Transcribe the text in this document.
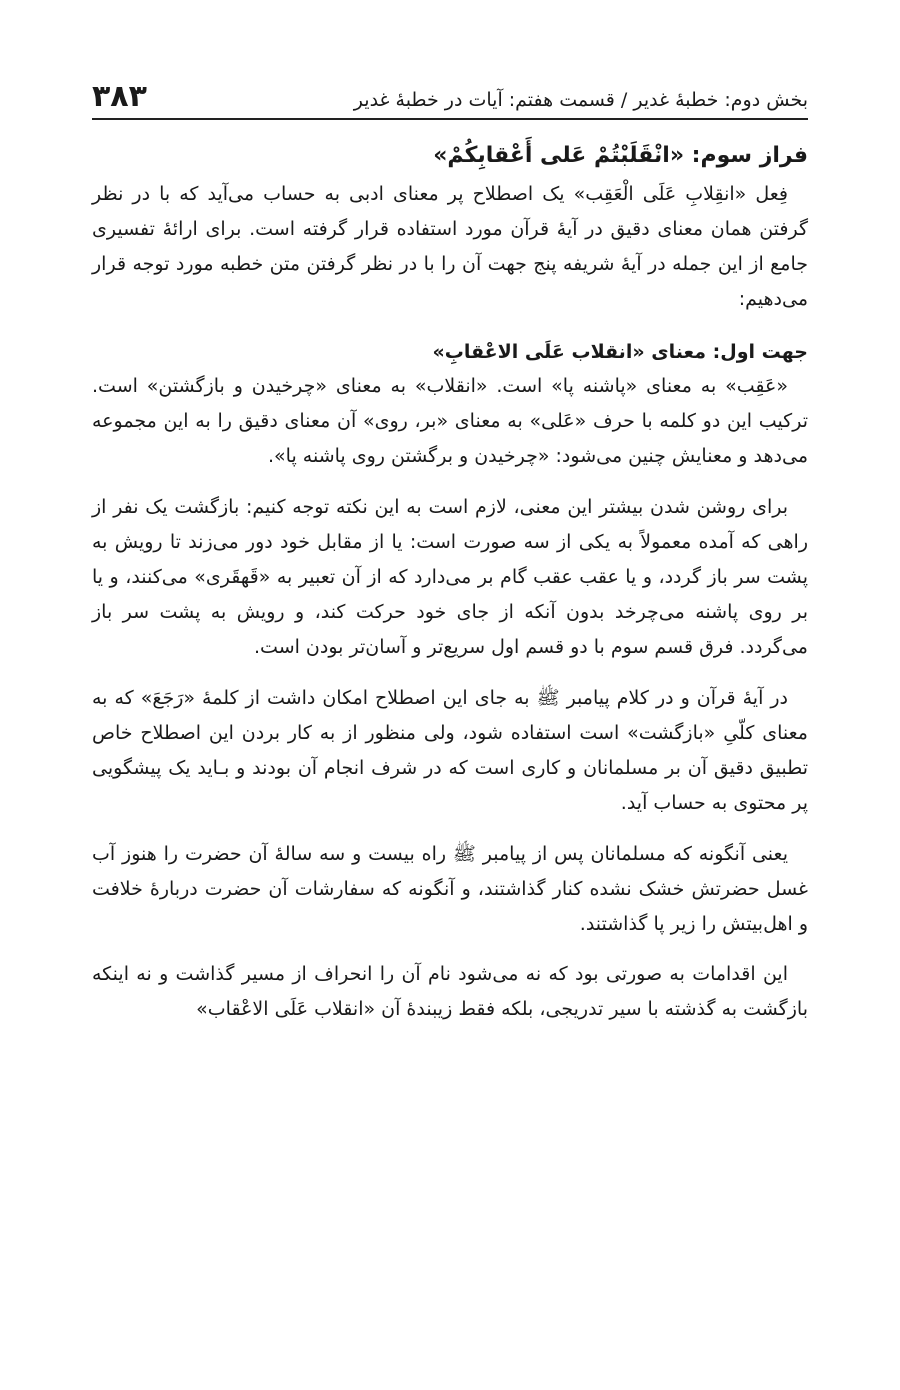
بخش دوم: خطبهٔ غدیر / قسمت هفتم: آیات در خطبهٔ غدیر
۳۸۳
فراز سوم: «انْقَلَبْتُمْ عَلی أَعْقابِکُمْ»

فِعل «انقِلابِ عَلَی الْعَقِب» یک اصطلاح پر معنای ادبی به حساب می‌آید که با در نظر گرفتن همان معنای دقیق در آیهٔ قرآن مورد استفاده قرار گرفته است. برای ارائهٔ تفسیری جامع از این جمله در آیهٔ شریفه پنج جهت آن را با در نظر گرفتن متن خطبه مورد توجه قرار می‌دهیم:

جهت اول: معنای «انقلاب عَلَی الاعْقابِ»

«عَقِب» به معنای «پاشنه پا» است. «انقلاب» به معنای «چرخیدن و بازگشتن» است. ترکیب این دو کلمه با حرف «عَلی» به معنای «بر، روی» آن معنای دقیق را به این مجموعه می‌دهد و معنایش چنین می‌شود: «چرخیدن و برگشتن روی پاشنه پا».

برای روشن شدن بیشتر این معنی، لازم است به این نکته توجه کنیم: بازگشت یک نفر از راهی که آمده معمولاً به یکی از سه صورت است: یا از مقابل خود دور می‌زند تا رویش به پشت سر باز گردد، و یا عقب عقب گام بر می‌دارد که از آن تعبیر به «قَهقَری» می‌کنند، و یا بر روی پاشنه می‌چرخد بدون آنکه از جای خود حرکت کند، و رویش به پشت سر باز می‌گردد. فرق قسم سوم با دو قسم اول سریع‌تر و آسان‌تر بودن است.

در آیهٔ قرآن و در کلام پیامبر ﷺ به جای این اصطلاح امکان داشت از کلمهٔ «رَجَعَ» که به معنای کلّیِ «بازگشت» است استفاده شود، ولی منظور از به کار بردن این اصطلاح خاص تطبیق دقیق آن بر مسلمانان و کاری است که در شرف انجام آن بودند و بـاید یک پیشگویی پر محتوی به حساب آید.

یعنی آنگونه که مسلمانان پس از پیامبر ﷺ راه بیست و سه سالهٔ آن حضرت را هنوز آب غسل حضرتش خشک نشده کنار گذاشتند، و آنگونه که سفارشات آن حضرت دربارهٔ خلافت و اهل‌بیتش را زیر پا گذاشتند.

این اقدامات به صورتی بود که نه می‌شود نام آن را انحراف از مسیر گذاشت و نه اینکه بازگشت به گذشته با سیر تدریجی، بلکه فقط زیبندهٔ آن «انقلاب عَلَی الاعْقاب»
